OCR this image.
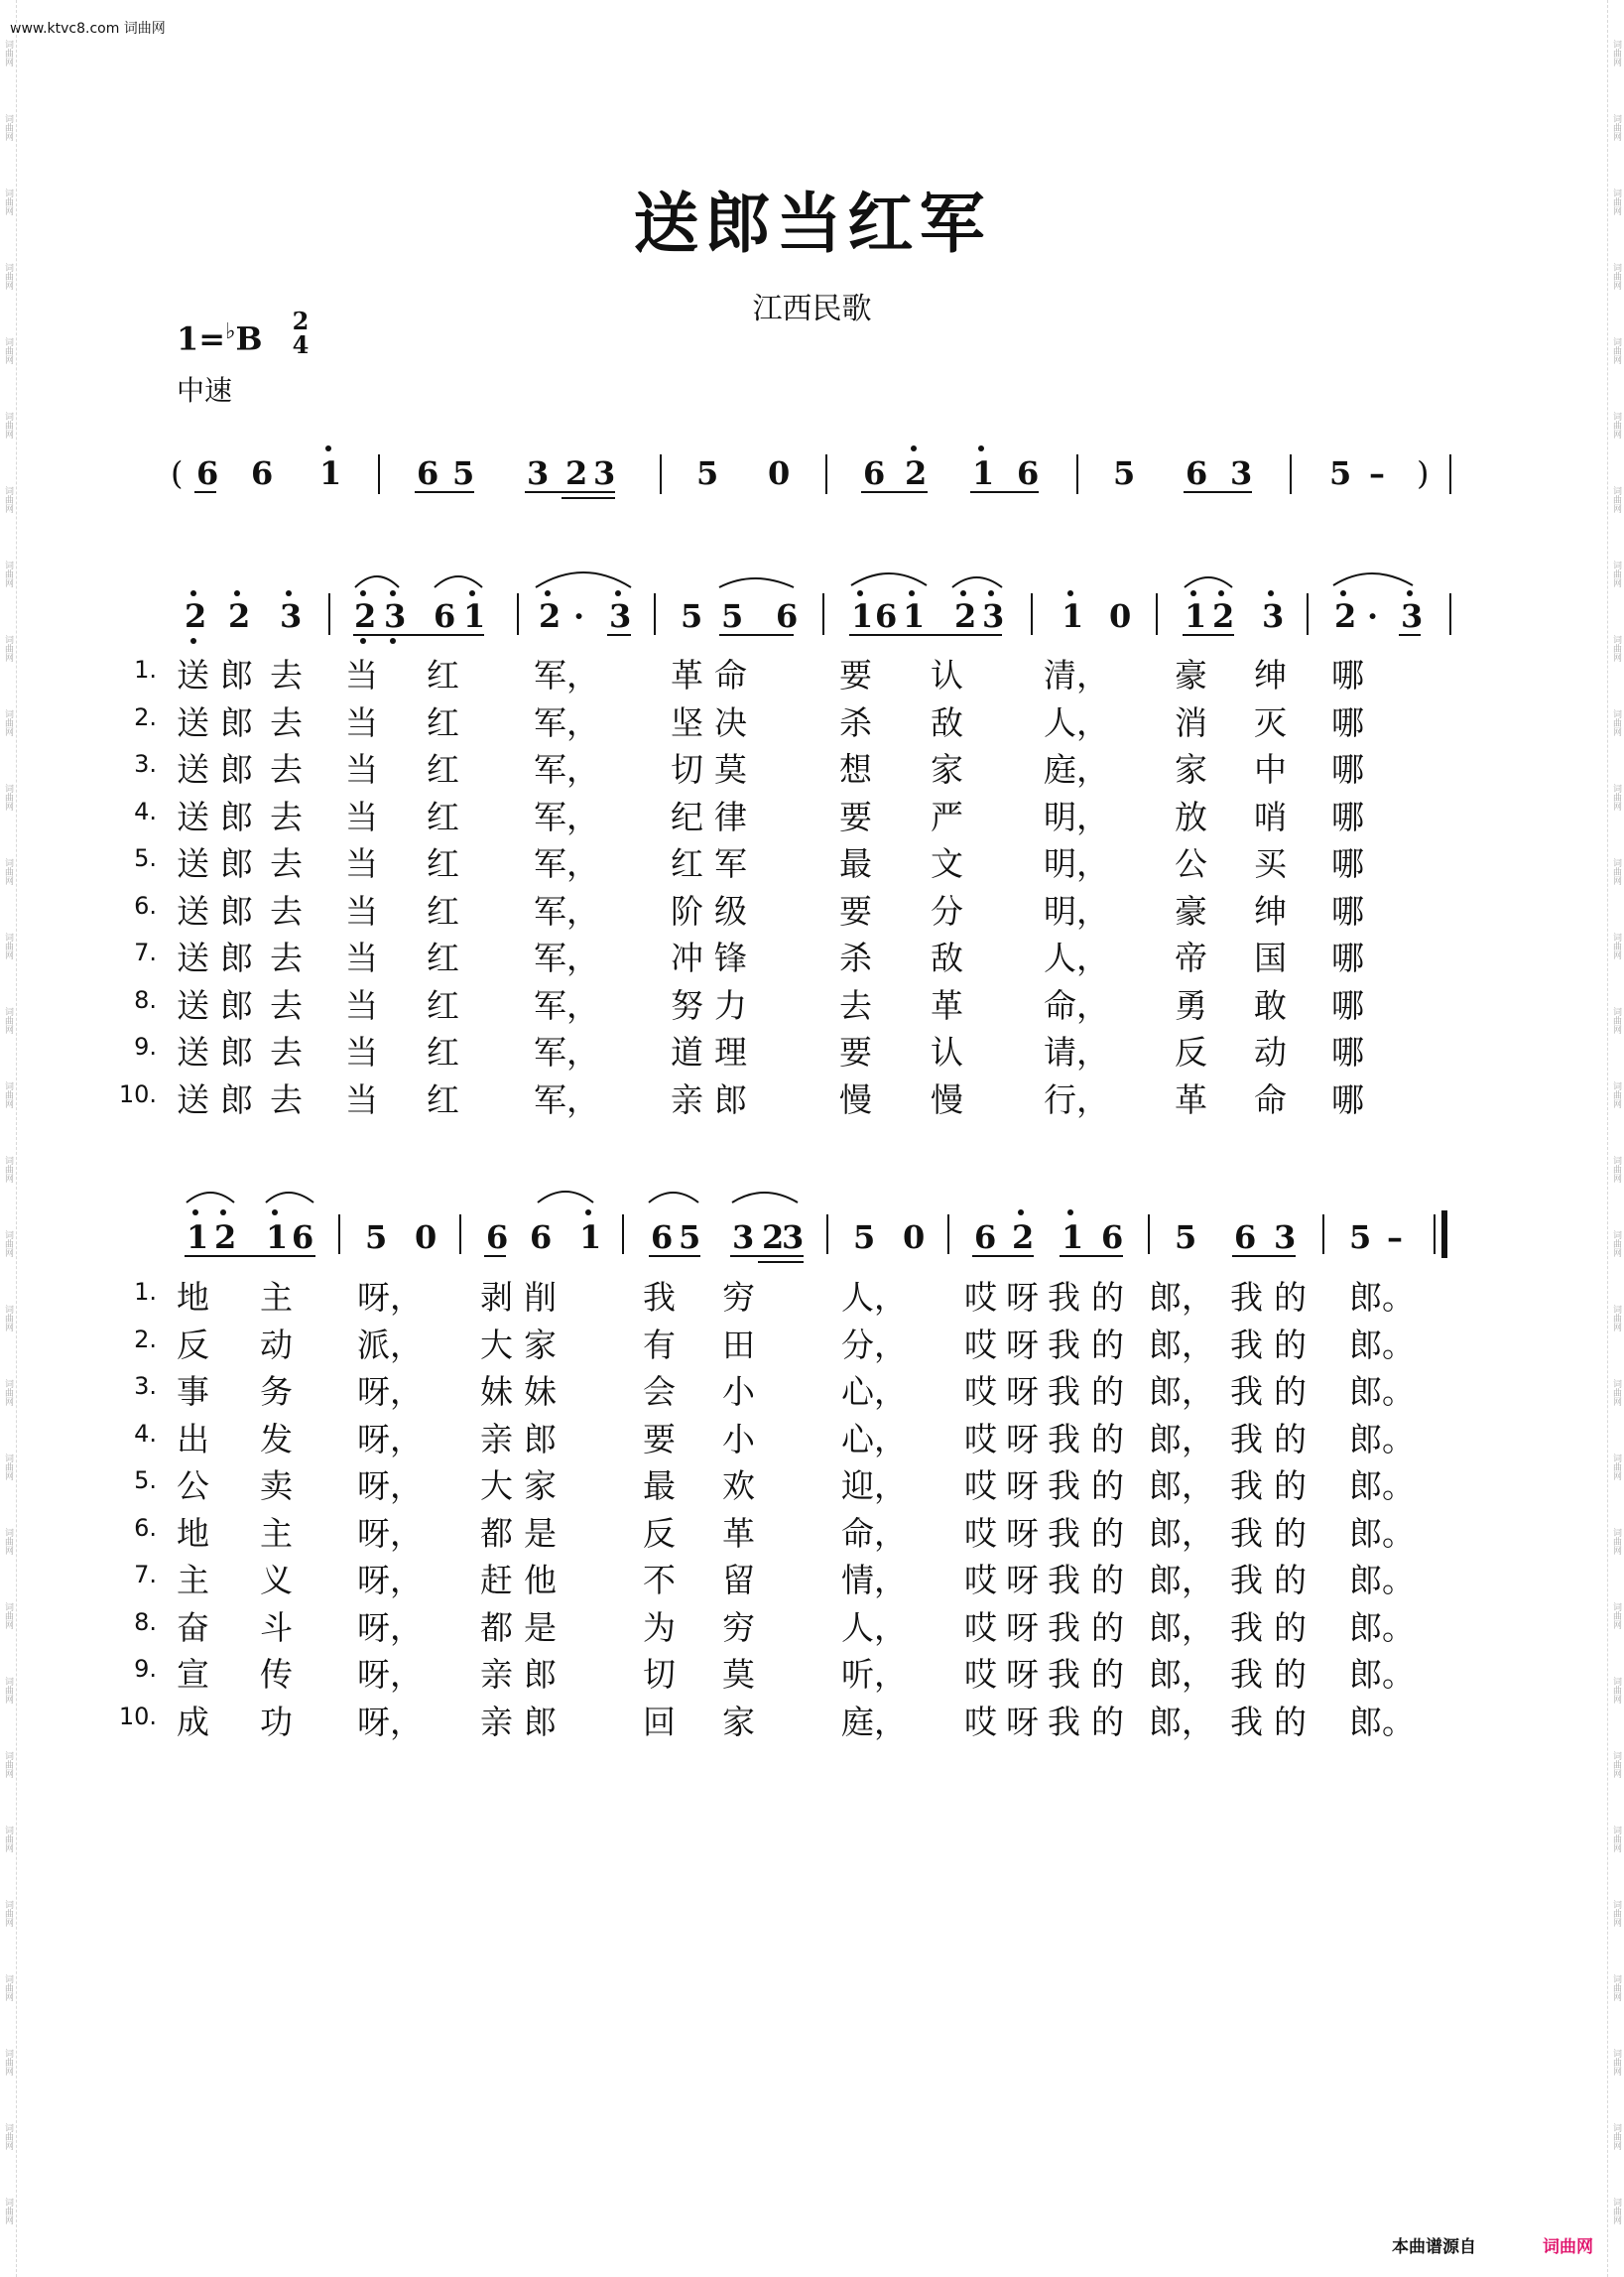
www.ktvc8.com 词曲网
词曲网
词曲网
词曲网
词曲网
词曲网
词曲网
词曲网
词曲网
词曲网
词曲网
词曲网
词曲网
词曲网
词曲网
词曲网
词曲网
词曲网
词曲网
词曲网
词曲网
词曲网
词曲网
词曲网
词曲网
词曲网
词曲网
词曲网
词曲网
词曲网
词曲网
词曲网
词曲网
词曲网
词曲网
词曲网
词曲网
词曲网
词曲网
词曲网
词曲网
词曲网
词曲网
词曲网
词曲网
词曲网
词曲网
词曲网
词曲网
词曲网
词曲网
词曲网
词曲网
词曲网
词曲网
词曲网
词曲网
词曲网
词曲网
词曲网
词曲网
送郎当红军
江西民歌
1=♭B 2
4
中速
( 6 6 1 6 5 3 2 3	5 0 6 2 1 6 5 6 3 5 – )
2 2 3 2 3 6 1 2 · 3 5 5 6 1 6 1 2 3 1 0 1 2 3 2 · 3
1 2 1 6 5 0 6 6 1 6 5 3 2
3 5 0 6 2 1 6 5 6 3 5 –
1. 送 郎 去 当 红 军， 革 命	要 认 清， 豪 绅 哪
2. 送 郎 去 当 红 军， 坚 决	杀 敌 人， 消 灭 哪
3. 送 郎 去 当 红 军， 切 莫	想 家 庭， 家 中 哪
4. 送 郎 去 当 红 军， 纪 律	要 严 明， 放 哨 哪
5. 送 郎 去 当 红 军， 红 军	最 文 明， 公 买 哪
6. 送 郎 去 当 红 军， 阶 级	要 分 明， 豪 绅 哪
7. 送 郎 去 当 红 军， 冲 锋	杀 敌 人， 帝 国 哪
8. 送 郎 去 当 红 军， 努 力	去 革 命， 勇 敢 哪
9. 送 郎 去 当 红 军， 道 理	要 认 请， 反 动 哪
10. 送 郎 去 当 红 军， 亲 郎	慢 慢 行， 革 命 哪
1. 地 主 呀， 剥 削	我 穷	人， 哎 呀 我 的 郎， 我 的 郎。
2. 反 动 派， 大 家	有 田	分， 哎 呀 我 的 郎， 我 的 郎。
3. 事 务 呀， 妹 妹	会 小	心， 哎 呀 我 的 郎， 我 的 郎。
4. 出 发 呀， 亲 郎	要 小	心， 哎 呀 我 的 郎， 我 的 郎。
5. 公 卖 呀， 大 家	最 欢	迎， 哎 呀 我 的 郎， 我 的 郎。
6. 地 主 呀， 都 是	反 革	命， 哎 呀 我 的 郎， 我 的 郎。
7. 主 义 呀， 赶 他	不 留	情， 哎 呀 我 的 郎， 我 的 郎。
8. 奋 斗 呀， 都 是	为 穷	人， 哎 呀 我 的 郎， 我 的 郎。
9. 宣 传 呀， 亲 郎	切 莫	听， 哎 呀 我 的 郎， 我 的 郎。
10. 成 功 呀， 亲 郎	回 家	庭， 哎 呀 我 的 郎， 我 的 郎。
本曲谱源自	词曲网
